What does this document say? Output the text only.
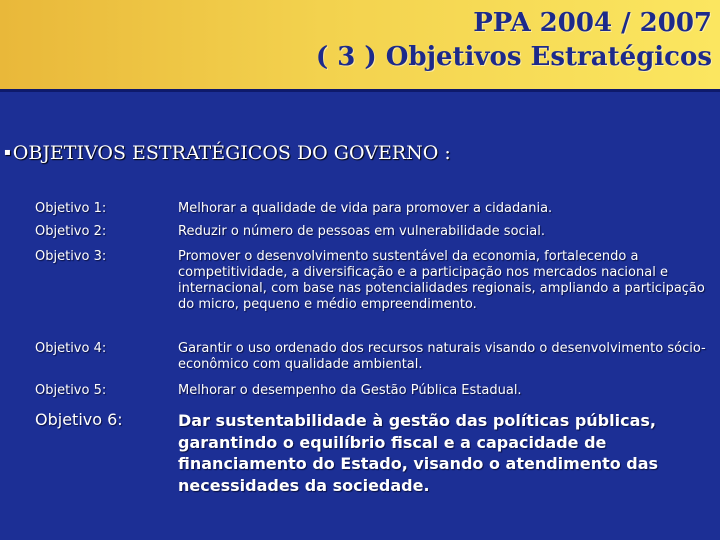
PPA 2004 / 2007
( 3 ) Objetivos Estratégicos
▪ OBJETIVOS ESTRATÉGICOS DO GOVERNO :
Objetivo 1:	Melhorar a qualidade de vida para promover a cidadania.
Objetivo 2:	Reduzir o número de pessoas em vulnerabilidade social.
Objetivo 3:	Promover o desenvolvimento sustentável da economia, fortalecendo a competitividade, a diversificação e a participação nos mercados nacional e internacional, com base nas potencialidades regionais, ampliando a participação do micro, pequeno e médio empreendimento.
Objetivo 4:	Garantir o uso ordenado dos recursos naturais visando o desenvolvimento sócio-econômico com qualidade ambiental.
Objetivo 5:	Melhorar o desempenho da Gestão Pública Estadual.
Objetivo 6:	Dar sustentabilidade à gestão das políticas públicas, garantindo o equilíbrio fiscal e a capacidade de financiamento do Estado, visando o atendimento das necessidades da sociedade.
